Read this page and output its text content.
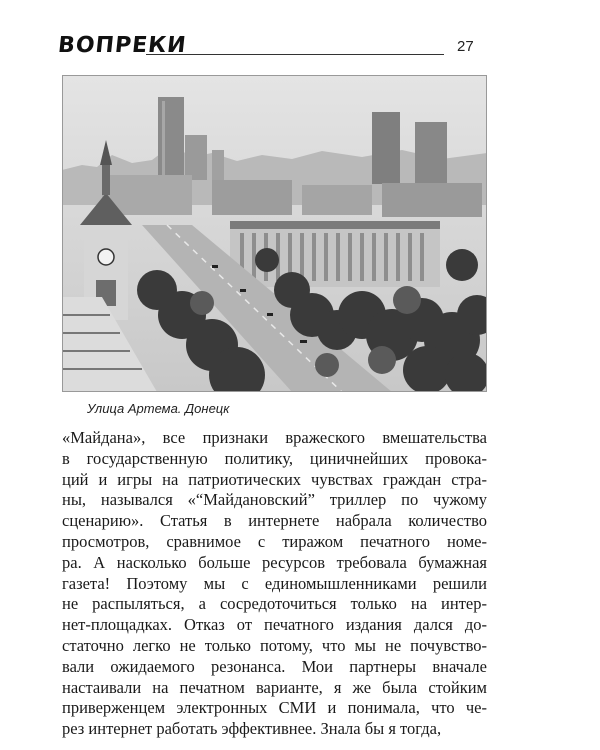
ВОПРЕКИ	27
Улица Артема. Донецк
«Майдана», все признаки вражеского вмешательства
в государственную политику, циничнейших провока-
ций и игры на патриотических чувствах граждан стра-
ны, назывался «“Майдановский” триллер по чужому
сценарию». Статья в интернете набрала количество
просмотров, сравнимое с тиражом печатного номе-
ра. А насколько больше ресурсов требовала бумажная
газета! Поэтому мы с единомышленниками решили
не распыляться, а сосредоточиться только на интер-
нет-площадках. Отказ от печатного издания дался до-
статочно легко не только потому, что мы не почувство-
вали ожидаемого резонанса. Мои партнеры вначале
настаивали на печатном варианте, я же была стойким
приверженцем электронных СМИ и понимала, что че-
рез интернет работать эффективнее. Знала бы я тогда,
